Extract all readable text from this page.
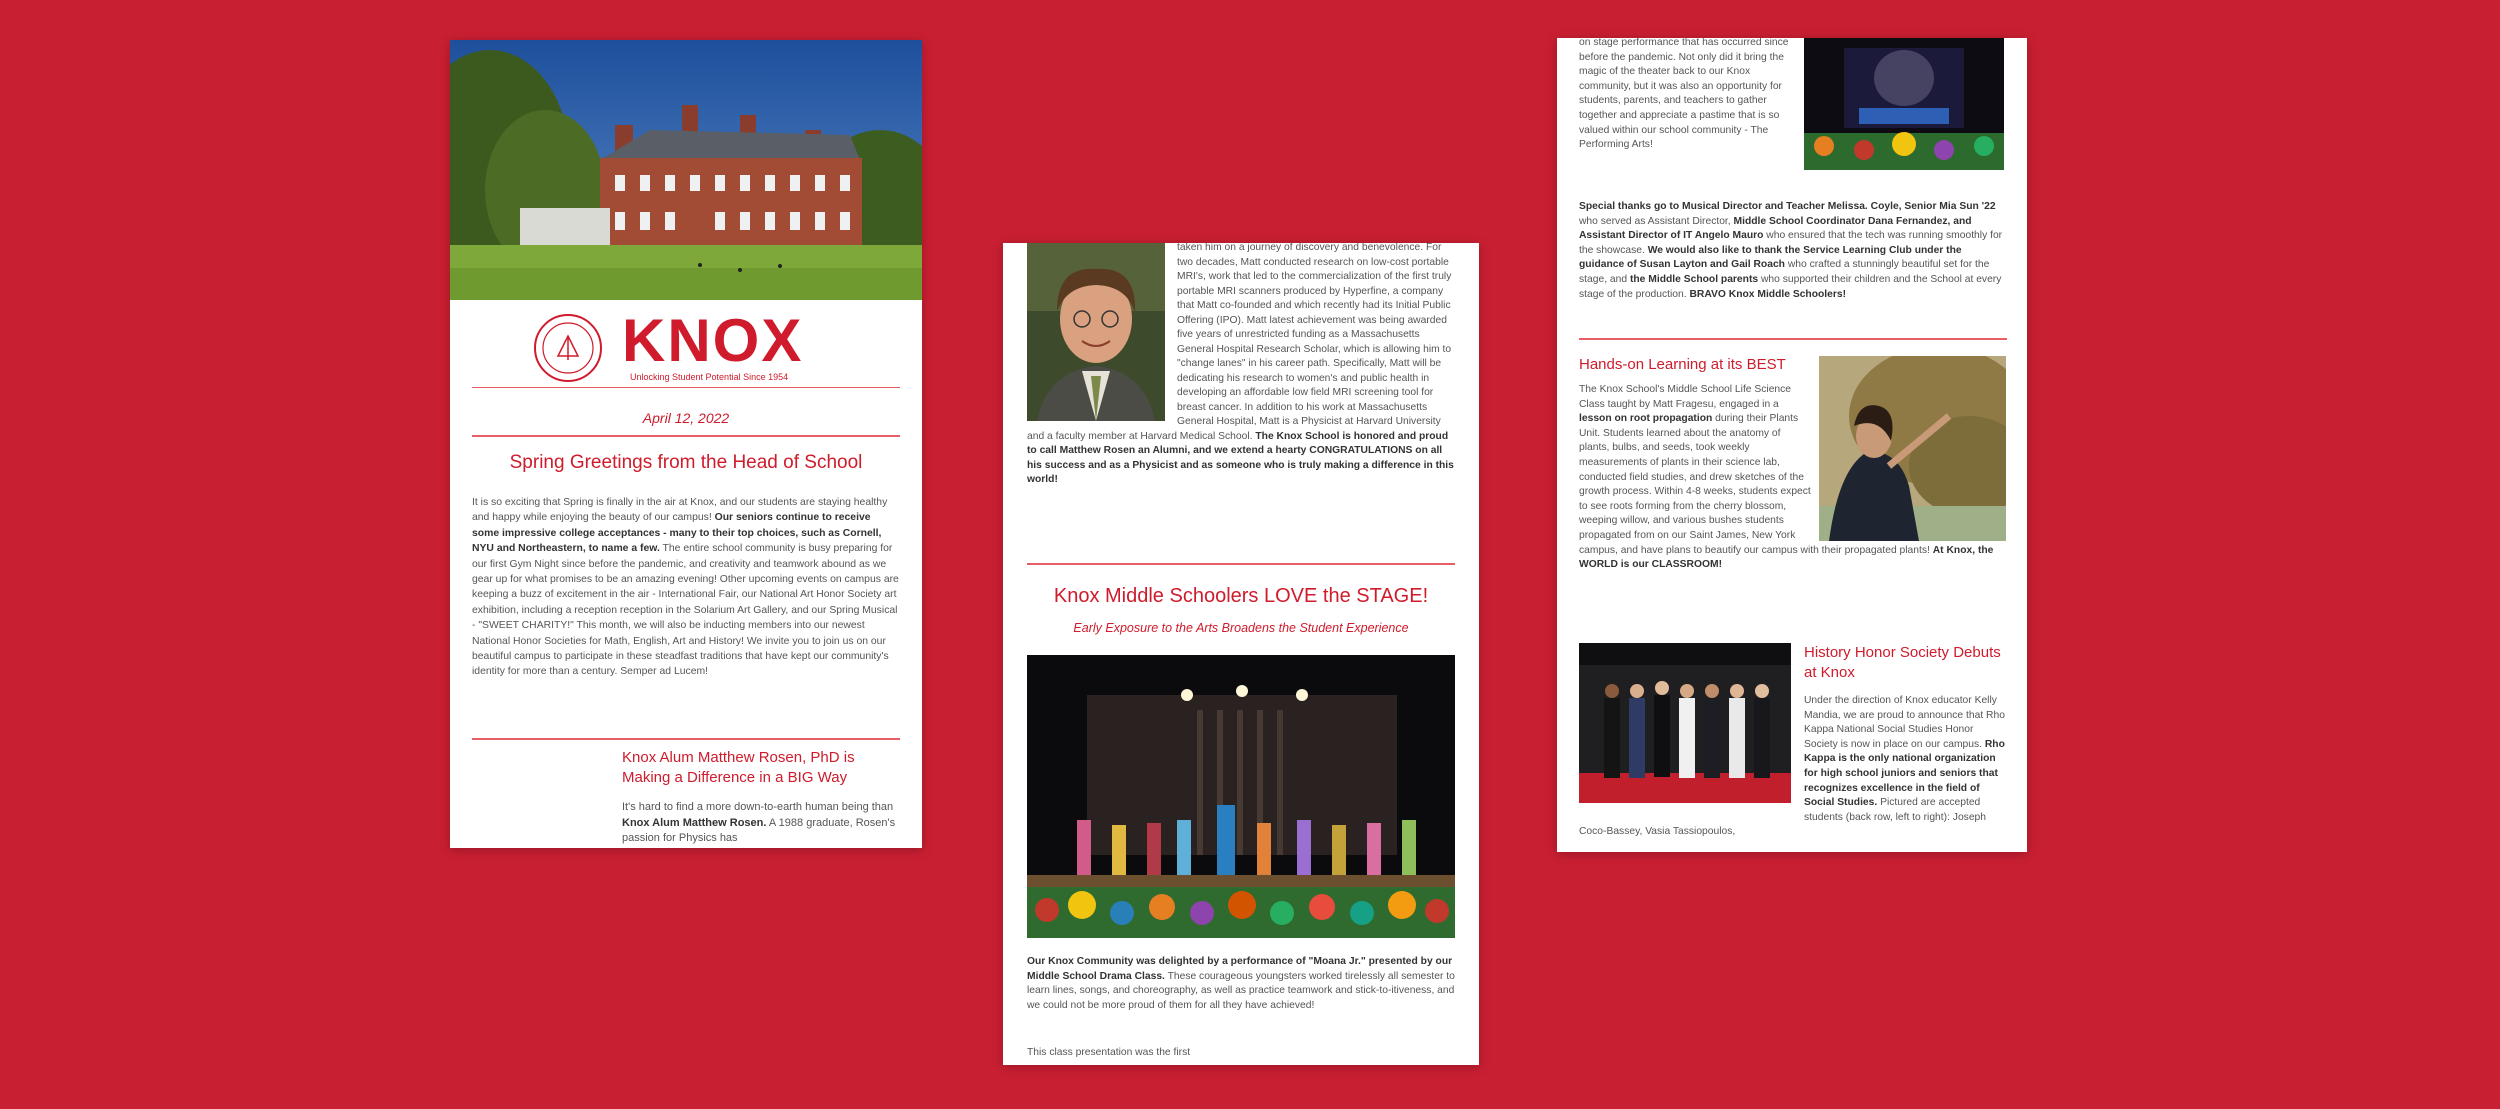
KNOX
Unlocking Student Potential Since 1954
April 12, 2022
Spring Greetings from the Head of School

It is so exciting that Spring is finally in the air at Knox, and our students are staying healthy and happy while enjoying the beauty of our campus! Our seniors continue to receive some impressive college acceptances - many to their top choices, such as Cornell, NYU and Northeastern, to name a few. The entire school community is busy preparing for our first Gym Night since before the pandemic, and creativity and teamwork abound as we gear up for what promises to be an amazing evening! Other upcoming events on campus are keeping a buzz of excitement in the air - International Fair, our National Art Honor Society art exhibition, including a reception reception in the Solarium Art Gallery, and our Spring Musical - "SWEET CHARITY!" This month, we will also be inducting members into our newest National Honor Societies for Math, English, Art and History! We invite you to join us on our beautiful campus to participate in these steadfast traditions that have kept our community's identity for more than a century. Semper ad Lucem!

Knox Alum Matthew Rosen, PhD is Making a Difference in a BIG Way

It's hard to find a more down-to-earth human being than Knox Alum Matthew Rosen. A 1988 graduate, Rosen's passion for Physics has

taken him on a journey of discovery and benevolence. For two decades, Matt conducted research on low-cost portable MRI's, work that led to the commercialization of the first truly portable MRI scanners produced by Hyperfine, a company that Matt co-founded and which recently had its Initial Public Offering (IPO). Matt latest achievement was being awarded five years of unrestricted funding as a Massachusetts General Hospital Research Scholar, which is allowing him to "change lanes" in his career path. Specifically, Matt will be dedicating his research to women's and public health in developing an affordable low field MRI screening tool for breast cancer. In addition to his work at Massachusetts General Hospital, Matt is a Physicist at Harvard University and a faculty member at Harvard Medical School. The Knox School is honored and proud to call Matthew Rosen an Alumni, and we extend a hearty CONGRATULATIONS on all his success and as a Physicist and as someone who is truly making a difference in this world!

Knox Middle Schoolers LOVE the STAGE!
Early Exposure to the Arts Broadens the Student Experience

Our Knox Community was delighted by a performance of "Moana Jr." presented by our Middle School Drama Class. These courageous youngsters worked tirelessly all semester to learn lines, songs, and choreography, as well as practice teamwork and stick-to-itiveness, and we could not be more proud of them for all they have achieved!

This class presentation was the first

on stage performance that has occurred since before the pandemic. Not only did it bring the magic of the theater back to our Knox community, but it was also an opportunity for students, parents, and teachers to gather together and appreciate a pastime that is so valued within our school community - The Performing Arts!

Special thanks go to Musical Director and Teacher Melissa. Coyle, Senior Mia Sun '22 who served as Assistant Director, Middle School Coordinator Dana Fernandez, and Assistant Director of IT Angelo Mauro who ensured that the tech was running smoothly for the showcase. We would also like to thank the Service Learning Club under the guidance of Susan Layton and Gail Roach who crafted a stunningly beautiful set for the stage, and the Middle School parents who supported their children and the School at every stage of the production. BRAVO Knox Middle Schoolers!

Hands-on Learning at its BEST

The Knox School's Middle School Life Science Class taught by Matt Fragesu, engaged in a lesson on root propagation during their Plants Unit. Students learned about the anatomy of plants, bulbs, and seeds, took weekly measurements of plants in their science lab, conducted field studies, and drew sketches of the growth process. Within 4-8 weeks, students expect to see roots forming from the cherry blossom, weeping willow, and various bushes students propagated from on our Saint James, New York campus, and have plans to beautify our campus with their propagated plants! At Knox, the WORLD is our CLASSROOM!

History Honor Society Debuts at Knox

Under the direction of Knox educator Kelly Mandia, we are proud to announce that Rho Kappa National Social Studies Honor Society is now in place on our campus. Rho Kappa is the only national organization for high school juniors and seniors that recognizes excellence in the field of Social Studies. Pictured are accepted students (back row, left to right): Joseph Coco-Bassey, Vasia Tassiopoulos,
